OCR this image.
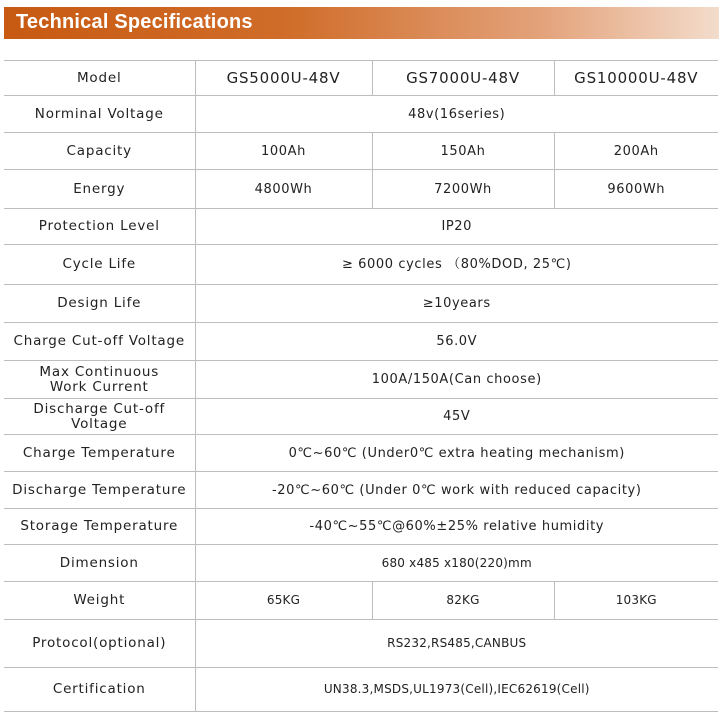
Technical Specifications
Model	GS5000U-48V	GS7000U-48V	GS10000U-48V
Norminal Voltage	48v(16series)		
Capacity	100Ah	150Ah	200Ah
Energy	4800Wh	7200Wh	9600Wh
Protection Level	IP20		
Cycle Life	≥ 6000 cycles （80%DOD, 25℃)		
Design Life	≥10years		
Charge Cut-off Voltage	56.0V		

Max Continuous
Work Current	100A/150A(Can choose)		

Discharge Cut-off
Voltage	45V		
Charge Temperature	0℃~60℃ (Under0℃ extra heating mechanism)		
Discharge Temperature	-20℃~60℃ (Under 0℃ work with reduced capacity)		
Storage Temperature	-40℃~55℃@60%±25% relative humidity		
Dimension	680 x485 x180(220)mm		
Weight	65KG	82KG	103KG
Protocol(optional)	RS232,RS485,CANBUS		
Certification	UN38.3,MSDS,UL1973(Cell),IEC62619(Cell)		
